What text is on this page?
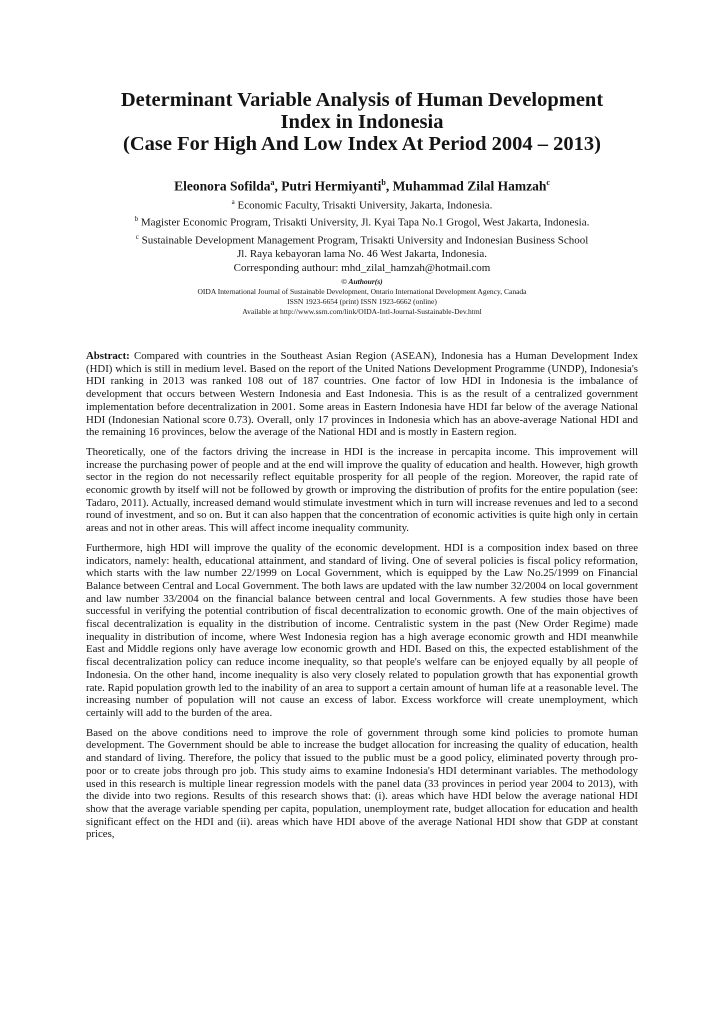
Determinant Variable Analysis of Human Development

Index in Indonesia

(Case For High And Low Index At Period 2004 – 2013)

Eleonora Sofilda$^a$, Putri Hermiyanti$^b$, Muhammad Zilal Hamzah$^c$
$^a$ Economic Faculty, Trisakti University, Jakarta, Indonesia.
$^b$ Magister Economic Program, Trisakti University, Jl. Kyai Tapa No.1 Grogol, West Jakarta, Indonesia.
$^c$ Sustainable Development Management Program, Trisakti University and Indonesian Business School
Jl. Raya kebayoran lama No. 46 West Jakarta, Indonesia.
Corresponding authour: mhd_zilal_hamzah@hotmail.com
© Authour(s)
OIDA International Journal of Sustainable Development, Ontario International Development Agency, Canada
ISSN 1923-6654 (print) ISSN 1923-6662 (online)
Available at http://www.ssrn.com/link/OIDA-Intl-Journal-Sustainable-Dev.html

Abstract: Compared with countries in the Southeast Asian Region (ASEAN), Indonesia has a Human Development Index (HDI) which is still in medium level. Based on the report of the United Nations Development Programme (UNDP), Indonesia's HDI ranking in 2013 was ranked 108 out of 187 countries. One factor of low HDI in Indonesia is the imbalance of development that occurs between Western Indonesia and East Indonesia. This is as the result of a centralized government implementation before decentralization in 2001. Some areas in Eastern Indonesia have HDI far below of the average National HDI (Indonesian National score 0.73). Overall, only 17 provinces in Indonesia which has an above-average National HDI and the remaining 16 provinces, below the average of the National HDI and is mostly in Eastern region.

Theoretically, one of the factors driving the increase in HDI is the increase in percapita income. This improvement will increase the purchasing power of people and at the end will improve the quality of education and health. However, high growth sector in the region do not necessarily reflect equitable prosperity for all people of the region. Moreover, the rapid rate of economic growth by itself will not be followed by growth or improving the distribution of profits for the entire population (see: Tadaro, 2011). Actually, increased demand would stimulate investment which in turn will increase revenues and led to a second round of investment, and so on. But it can also happen that the concentration of economic activities is quite high only in certain areas and not in other areas. This will affect income inequality community.

Furthermore, high HDI will improve the quality of the economic development. HDI is a composition index based on three indicators, namely: health, educational attainment, and standard of living. One of several policies is fiscal policy reformation, which starts with the law number 22/1999 on Local Government, which is equipped by the Law No.25/1999 on Financial Balance between Central and Local Government. The both laws are updated with the law number 32/2004 on local government and law number 33/2004 on the financial balance between central and local Governments. A few studies those have been successful in verifying the potential contribution of fiscal decentralization to economic growth. One of the main objectives of fiscal decentralization is equality in the distribution of income. Centralistic system in the past (New Order Regime) made inequality in distribution of income, where West Indonesia region has a high average economic growth and HDI meanwhile East and Middle regions only have average low economic growth and HDI. Based on this, the expected establishment of the fiscal decentralization policy can reduce income inequality, so that people's welfare can be enjoyed equally by all people of Indonesia. On the other hand, income inequality is also very closely related to population growth that has exponential growth rate. Rapid population growth led to the inability of an area to support a certain amount of human life at a reasonable level. The increasing number of population will not cause an excess of labor. Excess workforce will create unemployment, which certainly will add to the burden of the area.

Based on the above conditions need to improve the role of government through some kind policies to promote human development. The Government should be able to increase the budget allocation for increasing the quality of education, health and standard of living. Therefore, the policy that issued to the public must be a good policy, eliminated poverty through pro-poor or to create jobs through pro job. This study aims to examine Indonesia's HDI determinant variables. The methodology used in this research is multiple linear regression models with the panel data (33 provinces in period year 2004 to 2013), with the divide into two regions. Results of this research shows that: (i). areas which have HDI below the average national HDI show that the average variable spending per capita, population, unemployment rate, budget allocation for education and health significant effect on the HDI and (ii). areas which have HDI above of the average National HDI show that GDP at constant prices,
